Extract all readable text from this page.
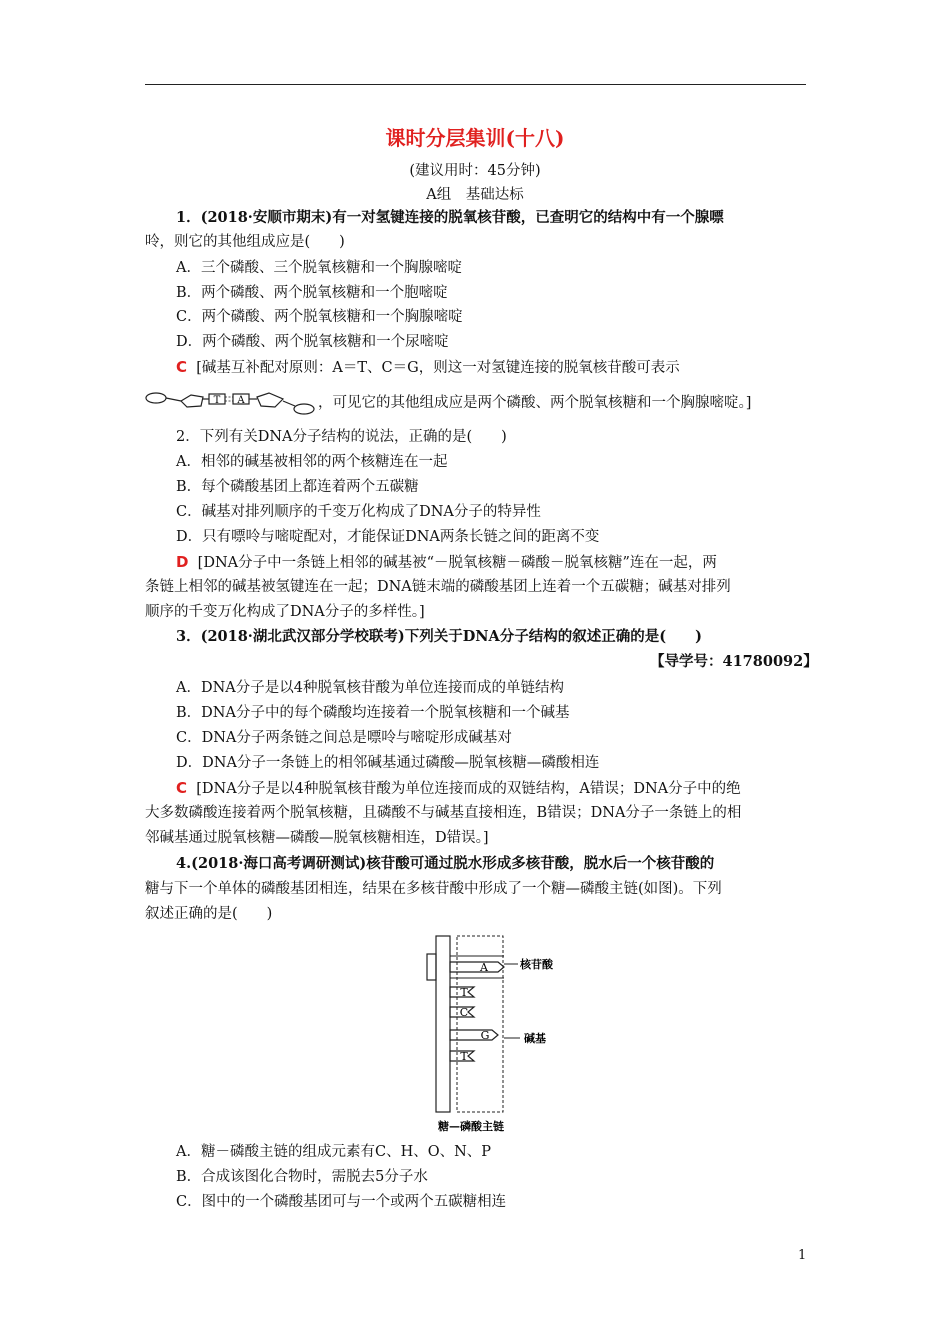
课时分层集训(十八)
(建议用时：45分钟)
A组　基础达标
1．(2018·安顺市期末)有一对氢键连接的脱氧核苷酸，已查明它的结构中有一个腺嘌
呤，则它的其他组成应是(　　)
A．三个磷酸、三个脱氧核糖和一个胸腺嘧啶
B．两个磷酸、两个脱氧核糖和一个胞嘧啶
C．两个磷酸、两个脱氧核糖和一个胸腺嘧啶
D．两个磷酸、两个脱氧核糖和一个尿嘧啶
C [碱基互补配对原则：A＝T、C＝G，则这一对氢键连接的脱氧核苷酸可表示
T A	，可见它的其他组成应是两个磷酸、两个脱氧核糖和一个胸腺嘧啶。]
2．下列有关DNA分子结构的说法，正确的是(　　)
A．相邻的碱基被相邻的两个核糖连在一起
B．每个磷酸基团上都连着两个五碳糖
C．碱基对排列顺序的千变万化构成了DNA分子的特异性
D．只有嘌呤与嘧啶配对，才能保证DNA两条长链之间的距离不变
D [DNA分子中一条链上相邻的碱基被“－脱氧核糖－磷酸－脱氧核糖”连在一起，两
条链上相邻的碱基被氢键连在一起；DNA链末端的磷酸基团上连着一个五碳糖；碱基对排列
顺序的千变万化构成了DNA分子的多样性。]
3．(2018·湖北武汉部分学校联考)下列关于DNA分子结构的叙述正确的是(　　)
【导学号：41780092】
A．DNA分子是以4种脱氧核苷酸为单位连接而成的单链结构
B．DNA分子中的每个磷酸均连接着一个脱氧核糖和一个碱基
C．DNA分子两条链之间总是嘌呤与嘧啶形成碱基对
D．DNA分子一条链上的相邻碱基通过磷酸—脱氧核糖—磷酸相连
C [DNA分子是以4种脱氧核苷酸为单位连接而成的双链结构，A错误；DNA分子中的绝
大多数磷酸连接着两个脱氧核糖，且磷酸不与碱基直接相连，B错误；DNA分子一条链上的相
邻碱基通过脱氧核糖—磷酸—脱氧核糖相连，D错误。]
4.(2018·海口高考调研测试)核苷酸可通过脱水形成多核苷酸，脱水后一个核苷酸的
糖与下一个单体的磷酸基团相连，结果在多核苷酸中形成了一个糖—磷酸主链(如图)。下列
叙述正确的是(　　)
A
T
C
G
T
核苷酸
碱基
糖—磷酸主链
A．糖－磷酸主链的组成元素有C、H、O、N、P
B．合成该图化合物时，需脱去5分子水
C．图中的一个磷酸基团可与一个或两个五碳糖相连
1
